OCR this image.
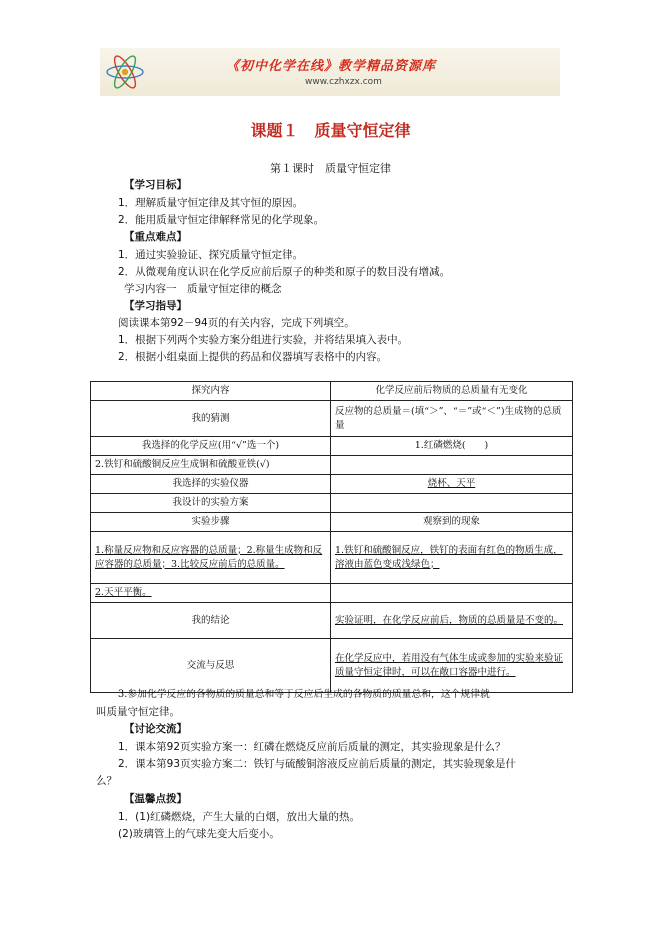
《初中化学在线》教学精品资源库
www.czhxzx.com
课题１　质量守恒定律
第１课时　质量守恒定律
【学习目标】
1．理解质量守恒定律及其守恒的原因。
2．能用质量守恒定律解释常见的化学现象。
【重点难点】
1．通过实验验证、探究质量守恒定律。
2．从微观角度认识在化学反应前后原子的种类和原子的数目没有增减。
学习内容一　质量守恒定律的概念
【学习指导】
阅读课本第92－94页的有关内容，完成下列填空。
1．根据下列两个实验方案分组进行实验，并将结果填入表中。
2．根据小组桌面上提供的药品和仪器填写表格中的内容。
探究内容	化学反应前后物质的总质量有无变化
我的猜测	反应物的总质量＝(填“＞”、“＝”或“＜”)生成物的总质量
我选择的化学反应(用“√”选一个)	1.红磷燃烧(　　)
2.铁钉和硫酸铜反应生成铜和硫酸亚铁(√)	
我选择的实验仪器	烧杯、天平
我设计的实验方案	
实验步骤	观察到的现象
1.称量反应物和反应容器的总质量；2.称量生成物和反应容器的总质量；3.比较反应前后的总质量。	1.铁钉和硫酸铜反应，铁钉的表面有红色的物质生成，溶液由蓝色变成浅绿色；
2.天平平衡。	
我的结论	实验证明，在化学反应前后，物质的总质量是不变的。
交流与反思	在化学反应中，若用没有气体生成或参加的实验来验证质量守恒定律时，可以在敞口容器中进行。
3.参加化学反应的各物质的质量总和等于反应后生成的各物质的质量总和，这个规律就
叫质量守恒定律。
【讨论交流】
1．课本第92页实验方案一：红磷在燃烧反应前后质量的测定，其实验现象是什么？
2．课本第93页实验方案二：铁钉与硫酸铜溶液反应前后质量的测定，其实验现象是什
么？
【温馨点拨】
1．(1)红磷燃烧，产生大量的白烟，放出大量的热。
(2)玻璃管上的气球先变大后变小。
